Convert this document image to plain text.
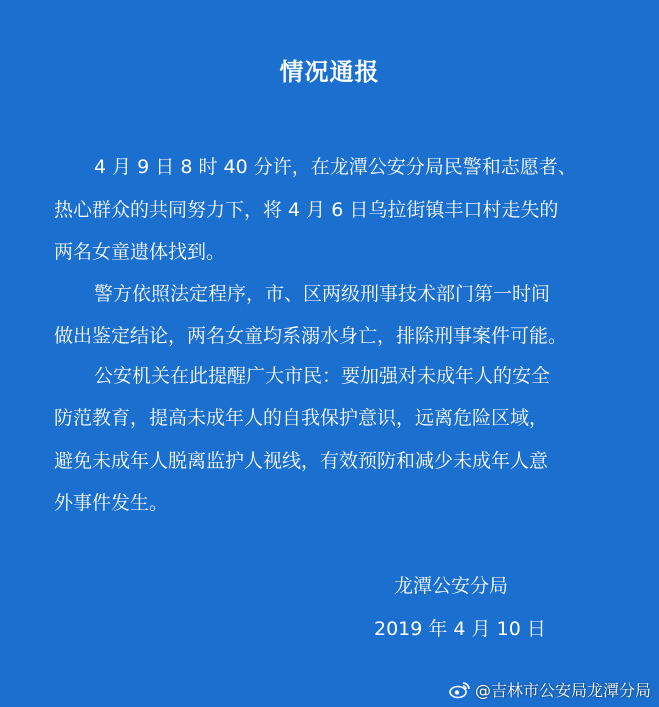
情况通报
4 月 9 日 8 时 40 分许，在龙潭公安分局民警和志愿者、
热心群众的共同努力下，将 4 月 6 日乌拉街镇丰口村走失的
两名女童遗体找到。
警方依照法定程序，市、区两级刑事技术部门第一时间
做出鉴定结论，两名女童均系溺水身亡，排除刑事案件可能。
公安机关在此提醒广大市民：要加强对未成年人的安全
防范教育，提高未成年人的自我保护意识，远离危险区域，
避免未成年人脱离监护人视线，有效预防和减少未成年人意
外事件发生。
龙潭公安分局
2019 年 4 月 10 日
@吉林市公安局龙潭分局
